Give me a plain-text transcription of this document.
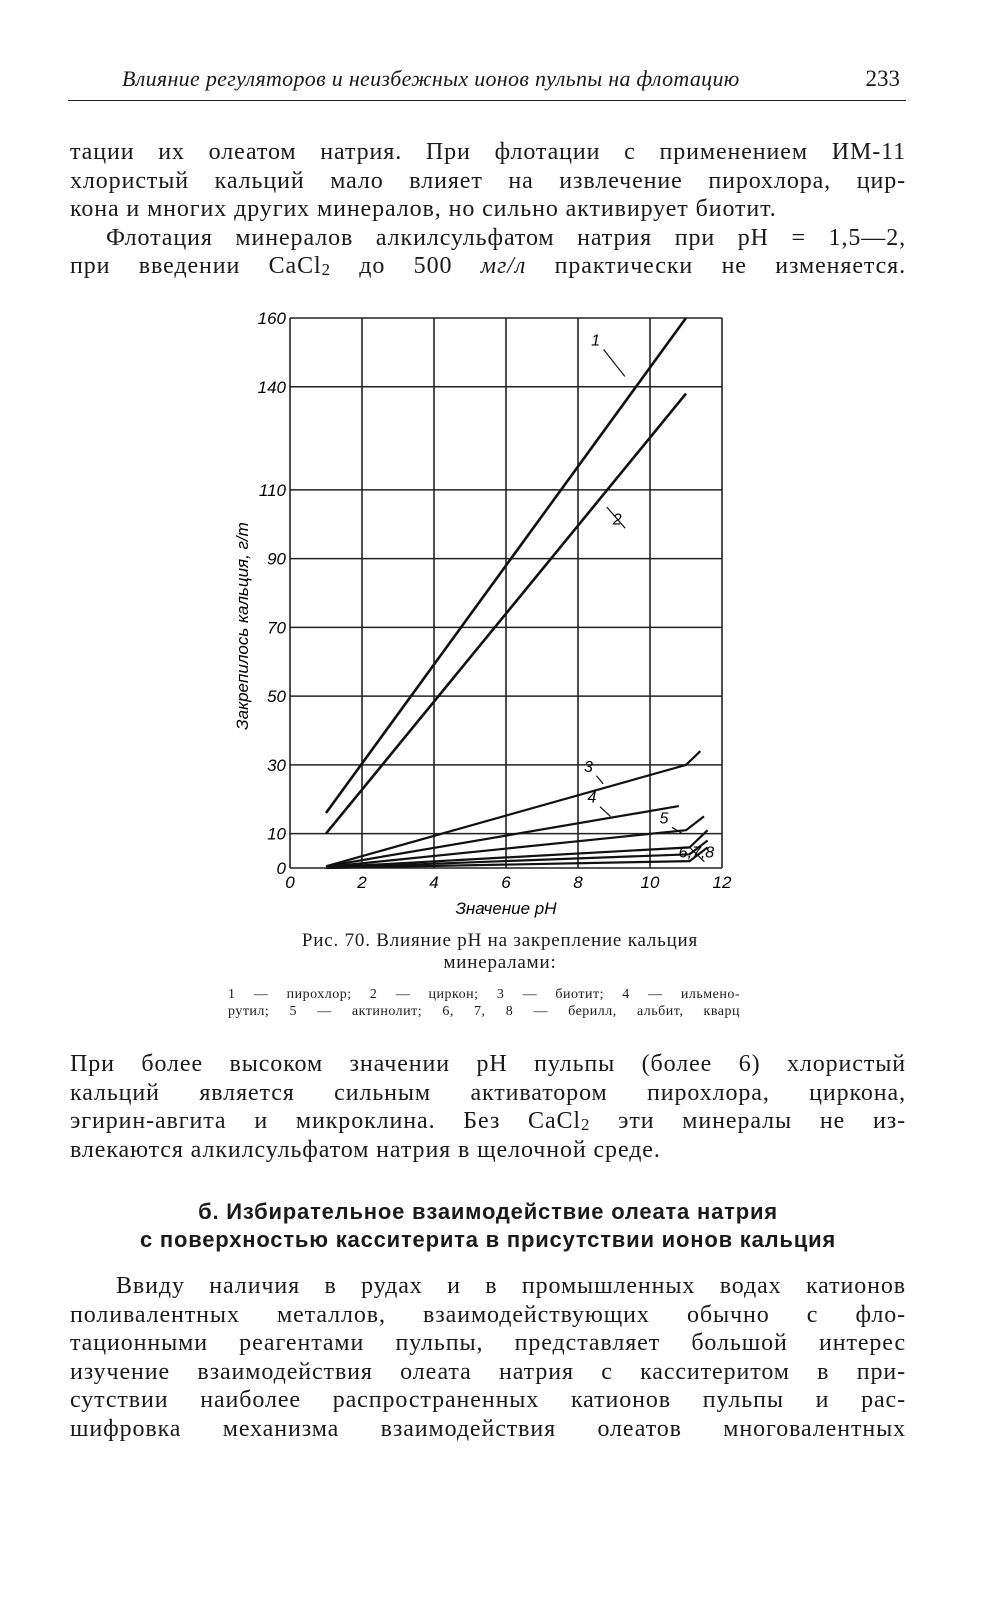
Влияние регуляторов и неизбежных ионов пульпы на флотацию	233
тации их олеатом натрия. При флотации с применением ИМ-11
хлористый кальций мало влияет на извлечение пирохлора, цир-
кона и многих других минералов, но сильно активирует биотит.
Флотация минералов алкилсульфатом натрия при pH = 1,5—2,
при введении CaCl$_2$ до 500 мг/л практически не изменяется.
0	2	4	6	8	10	12
0
10
30
50
70
90
110
140
160
Значение pH
Закрепилось кальция, г/т
1
2
3
4
5
6,7,8
Рис. 70. Влияние pH на закрепление кальция
минералами:
1 — пирохлор; 2 — циркон; 3 — биотит; 4 — ильмено-
рутил; 5 — актинолит; 6, 7, 8 — берилл, альбит, кварц
При более высоком значении pH пульпы (более 6) хлористый
кальций является сильным активатором пирохлора, циркона,
эгирин-авгита и микроклина. Без CaCl$_2$ эти минералы не из-
влекаются алкилсульфатом натрия в щелочной среде.
б. Избирательное взаимодействие олеата натрия
с поверхностью касситерита в присутствии ионов кальция
Ввиду наличия в рудах и в промышленных водах катионов
поливалентных металлов, взаимодействующих обычно с фло-
тационными реагентами пульпы, представляет большой интерес
изучение взаимодействия олеата натрия с касситеритом в при-
сутствии наиболее распространенных катионов пульпы и рас-
шифровка механизма взаимодействия олеатов многовалентных
